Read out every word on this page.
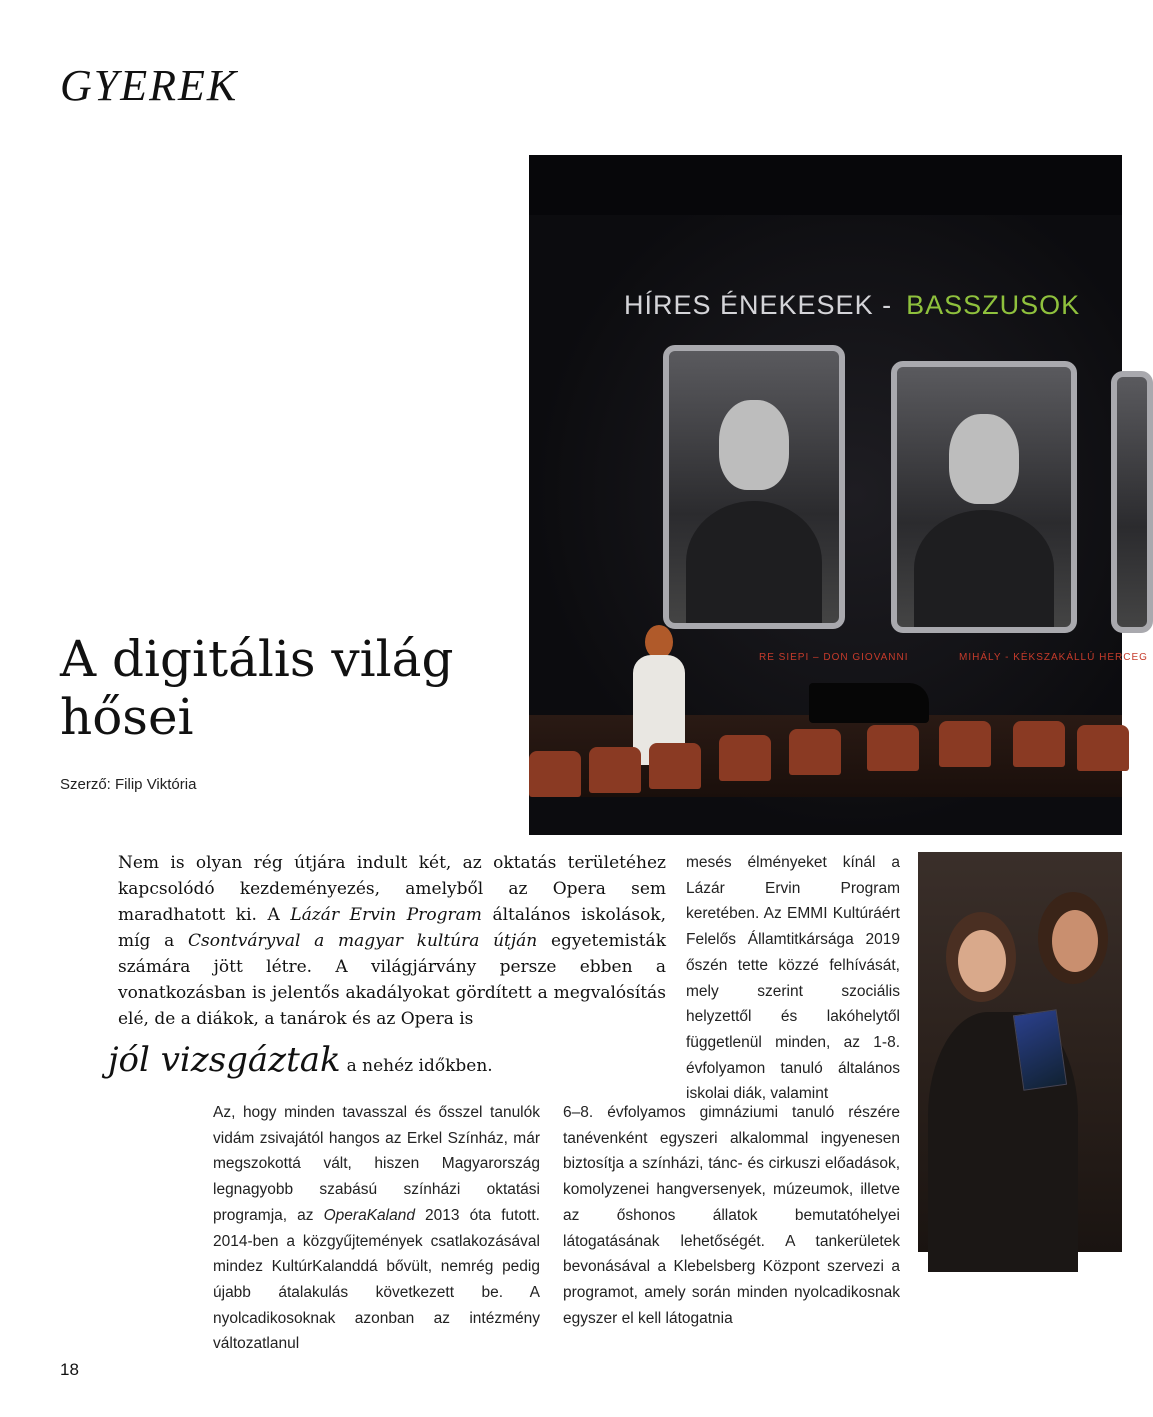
GYEREK
HÍRES ÉNEKESEK - BASSZUSOK
RE SIEPI – DON GIOVANNI	MIHÁLY - KÉKSZAKÁLLÚ HERCEG
A digitális világ
hősei
Szerző: Filip Viktória
Nem is olyan rég útjára indult két, az oktatás területéhez kapcsolódó kezdeményezés, amelyből az Opera sem maradhatott ki. A Lázár Ervin Program általános iskolások, míg a Csontváryval a magyar kultúra útján egyetemisták számára jött létre. A világjárvány persze ebben a vonatkozásban is jelentős akadályokat gördített a megvalósítás elé, de a diákok, a tanárok és az Opera is
jól vizsgáztak a nehéz időkben.
mesés élményeket kínál a Lázár Ervin Program keretében. Az EMMI Kultúráért Felelős Államtitkársága 2019 őszén tette közzé felhívását, mely szerint szociális helyzettől és lakóhelytől függetlenül minden, az 1-8. évfolyamon tanuló általános iskolai diák, valamint
Az, hogy minden tavasszal és ősszel tanulók vidám zsivajától hangos az Erkel Színház, már megszokottá vált, hiszen Magyarország legnagyobb szabású színházi oktatási programja, az OperaKaland 2013 óta futott. 2014-ben a közgyűjtemények csatlakozásával mindez KultúrKalanddá bővült, nemrég pedig újabb átalakulás következett be. A nyolcadikosoknak azonban az intézmény változatlanul
6–8. évfolyamos gimnáziumi tanuló részére tanévenként egyszeri alkalommal ingyenesen biztosítja a színházi, tánc- és cirkuszi előadások, komolyzenei hangversenyek, múzeumok, illetve az őshonos állatok bemutatóhelyei látogatásának lehetőségét. A tankerületek bevonásával a Klebelsberg Központ szervezi a programot, amely során minden nyolcadikosnak egyszer el kell látogatnia
18
